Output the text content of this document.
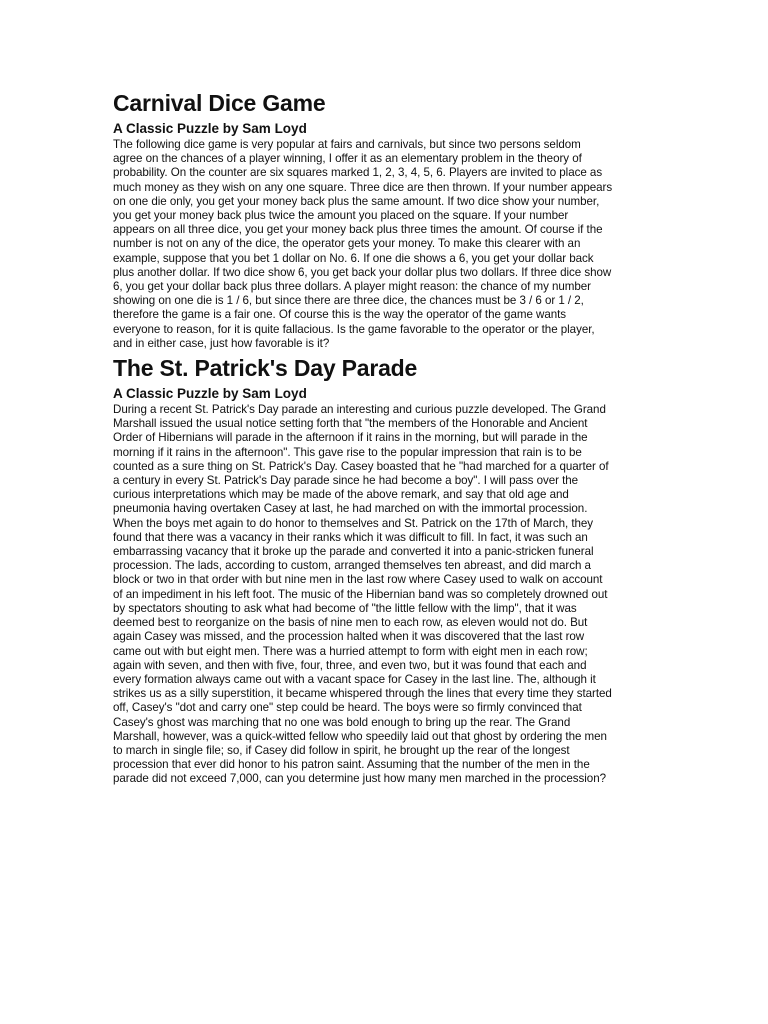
Carnival Dice Game
A Classic Puzzle by Sam Loyd

The following dice game is very popular at fairs and carnivals, but since two persons seldom
agree on the chances of a player winning, I offer it as an elementary problem in the theory of
probability. On the counter are six squares marked 1, 2, 3, 4, 5, 6. Players are invited to place as
much money as they wish on any one square. Three dice are then thrown. If your number appears
on one die only, you get your money back plus the same amount. If two dice show your number,
you get your money back plus twice the amount you placed on the square. If your number
appears on all three dice, you get your money back plus three times the amount. Of course if the
number is not on any of the dice, the operator gets your money. To make this clearer with an
example, suppose that you bet 1 dollar on No. 6. If one die shows a 6, you get your dollar back
plus another dollar. If two dice show 6, you get back your dollar plus two dollars. If three dice show
6, you get your dollar back plus three dollars. A player might reason: the chance of my number
showing on one die is 1 / 6, but since there are three dice, the chances must be 3 / 6 or 1 / 2,
therefore the game is a fair one. Of course this is the way the operator of the game wants
everyone to reason, for it is quite fallacious. Is the game favorable to the operator or the player,
and in either case, just how favorable is it?

The St. Patrick's Day Parade
A Classic Puzzle by Sam Loyd

During a recent St. Patrick's Day parade an interesting and curious puzzle developed. The Grand
Marshall issued the usual notice setting forth that "the members of the Honorable and Ancient
Order of Hibernians will parade in the afternoon if it rains in the morning, but will parade in the
morning if it rains in the afternoon". This gave rise to the popular impression that rain is to be
counted as a sure thing on St. Patrick's Day. Casey boasted that he "had marched for a quarter of
a century in every St. Patrick's Day parade since he had become a boy". I will pass over the
curious interpretations which may be made of the above remark, and say that old age and
pneumonia having overtaken Casey at last, he had marched on with the immortal procession.
When the boys met again to do honor to themselves and St. Patrick on the 17th of March, they
found that there was a vacancy in their ranks which it was difficult to fill. In fact, it was such an
embarrassing vacancy that it broke up the parade and converted it into a panic-stricken funeral
procession. The lads, according to custom, arranged themselves ten abreast, and did march a
block or two in that order with but nine men in the last row where Casey used to walk on account
of an impediment in his left foot. The music of the Hibernian band was so completely drowned out
by spectators shouting to ask what had become of "the little fellow with the limp", that it was
deemed best to reorganize on the basis of nine men to each row, as eleven would not do. But
again Casey was missed, and the procession halted when it was discovered that the last row
came out with but eight men. There was a hurried attempt to form with eight men in each row;
again with seven, and then with five, four, three, and even two, but it was found that each and
every formation always came out with a vacant space for Casey in the last line. The, although it
strikes us as a silly superstition, it became whispered through the lines that every time they started
off, Casey's "dot and carry one" step could be heard. The boys were so firmly convinced that
Casey's ghost was marching that no one was bold enough to bring up the rear. The Grand
Marshall, however, was a quick-witted fellow who speedily laid out that ghost by ordering the men
to march in single file; so, if Casey did follow in spirit, he brought up the rear of the longest
procession that ever did honor to his patron saint. Assuming that the number of the men in the
parade did not exceed 7,000, can you determine just how many men marched in the procession?
